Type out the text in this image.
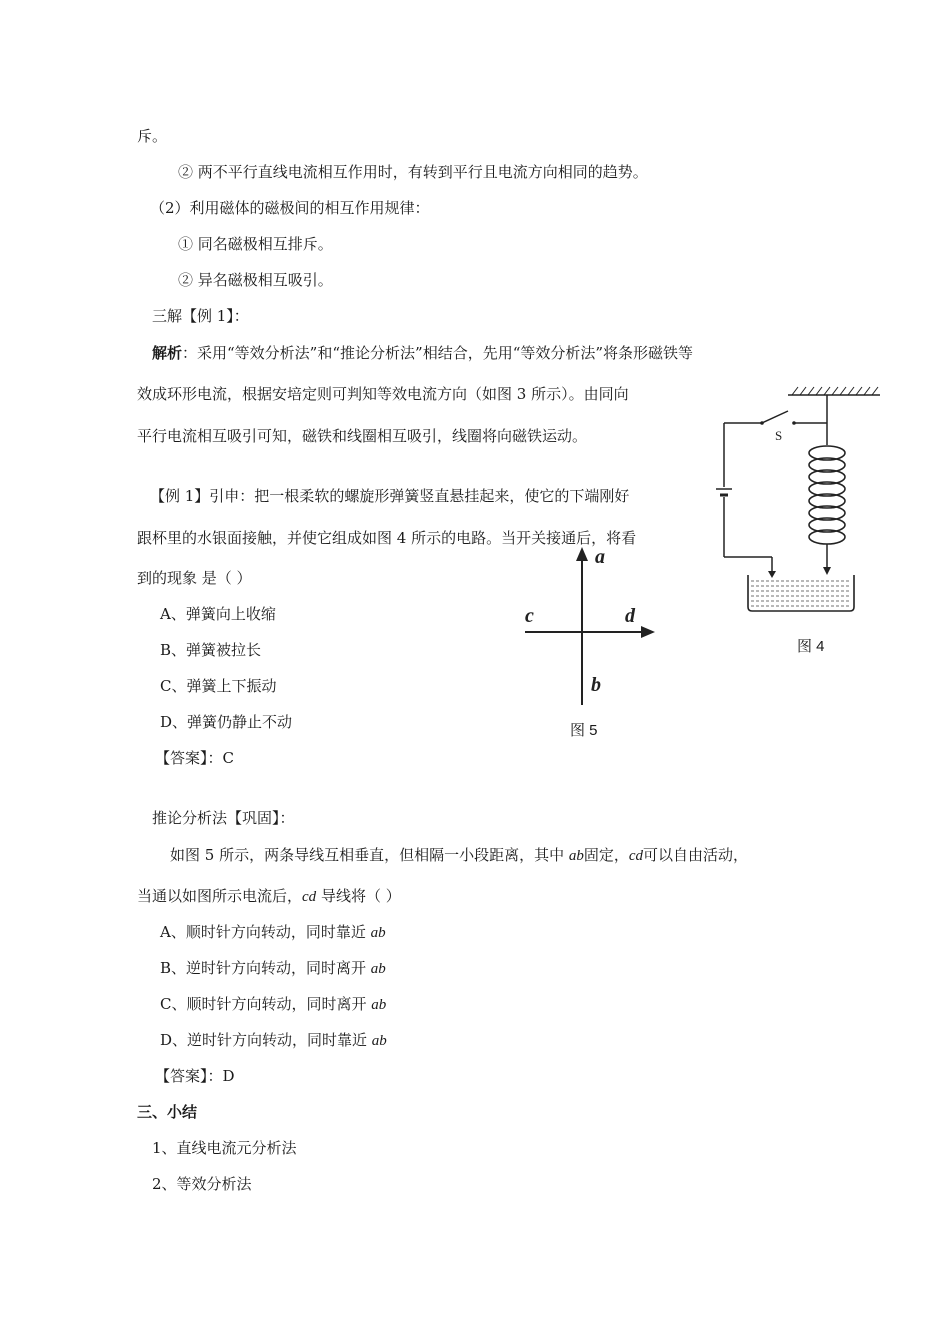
斥。
② 两不平行直线电流相互作用时，有转到平行且电流方向相同的趋势。
（2）利用磁体的磁极间的相互作用规律：
① 同名磁极相互排斥。
② 异名磁极相互吸引。
三解【例 1】：
解析：采用“等效分析法”和“推论分析法”相结合，先用“等效分析法”将条形磁铁等
效成环形电流，根据安培定则可判知等效电流方向（如图 3 所示）。由同向
平行电流相互吸引可知，磁铁和线圈相互吸引，线圈将向磁铁运动。
【例 1】引申：把一根柔软的螺旋形弹簧竖直悬挂起来，使它的下端刚好
跟杯里的水银面接触，并使它组成如图 4 所示的电路。当开关接通后，将看
到的现象 是（ ）
A、弹簧向上收缩
B、弹簧被拉长
C、弹簧上下振动
D、弹簧仍静止不动
【答案】：C
推论分析法【巩固】：
如图 5 所示，两条导线互相垂直，但相隔一小段距离，其中 ab固定，cd可以自由活动，
当通以如图所示电流后，cd 导线将（ ）
A、顺时针方向转动，同时靠近 ab
B、逆时针方向转动，同时离开 ab
C、顺时针方向转动，同时离开 ab
D、逆时针方向转动，同时靠近 ab
【答案】：D
三、小结
1、直线电流元分析法
2、等效分析法
S
图 4
a
b
c	d
图 5
